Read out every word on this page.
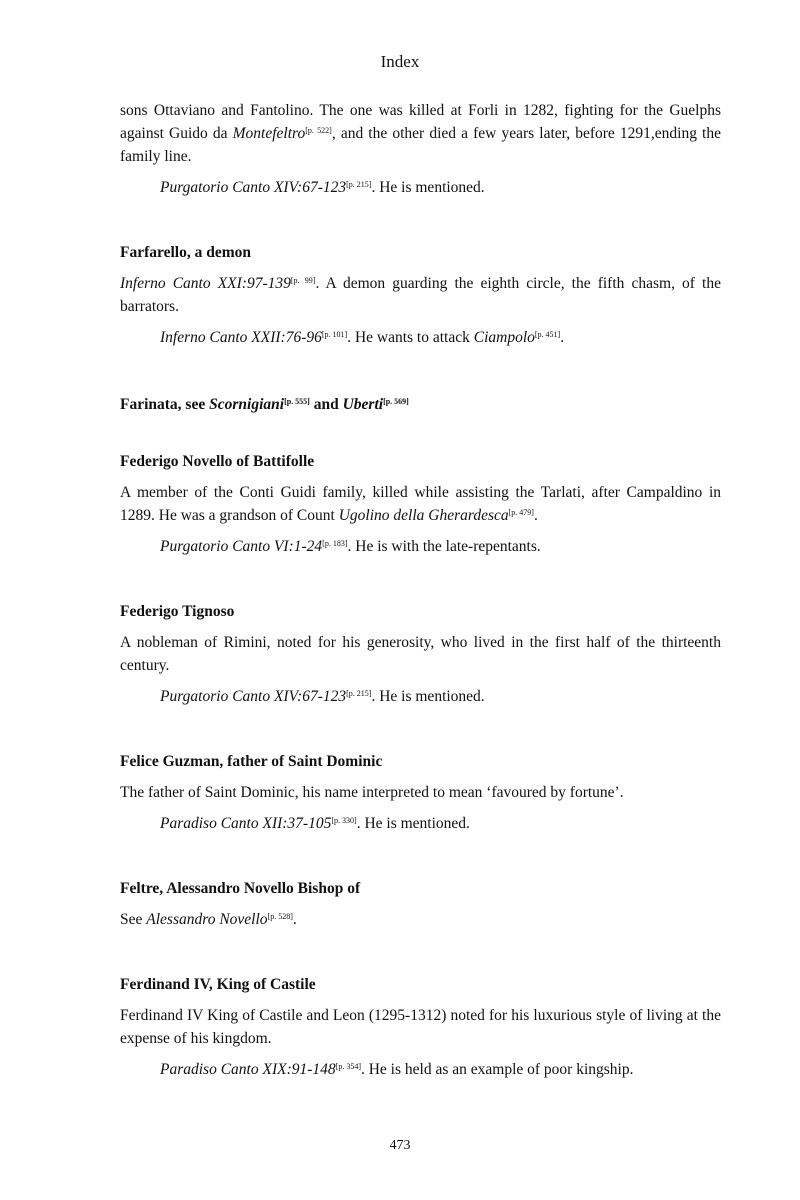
Index

sons Ottaviano and Fantolino. The one was killed at Forli in 1282, fighting for the Guelphs against Guido da Montefeltro[p. 522], and the other died a few years later, before 1291,ending the family line.

Purgatorio Canto XIV:67-123[p. 215]. He is mentioned.

Farfarello, a demon

Inferno Canto XXI:97-139[p. 99]. A demon guarding the eighth circle, the fifth chasm, of the barrators.

Inferno Canto XXII:76-96[p. 101]. He wants to attack Ciampolo[p. 451].

Farinata, see Scornigiani[p. 555] and Uberti[p. 569]

Federigo Novello of Battifolle

A member of the Conti Guidi family, killed while assisting the Tarlati, after Campaldino in 1289. He was a grandson of Count Ugolino della Gherardesca[p. 479].

Purgatorio Canto VI:1-24[p. 183]. He is with the late-repentants.

Federigo Tignoso

A nobleman of Rimini, noted for his generosity, who lived in the first half of the thirteenth century.

Purgatorio Canto XIV:67-123[p. 215]. He is mentioned.

Felice Guzman, father of Saint Dominic

The father of Saint Dominic, his name interpreted to mean ‘favoured by fortune’.

Paradiso Canto XII:37-105[p. 330]. He is mentioned.

Feltre, Alessandro Novello Bishop of

See Alessandro Novello[p. 528].

Ferdinand IV, King of Castile

Ferdinand IV King of Castile and Leon (1295-1312) noted for his luxurious style of living at the expense of his kingdom.

Paradiso Canto XIX:91-148[p. 354]. He is held as an example of poor kingship.

473
